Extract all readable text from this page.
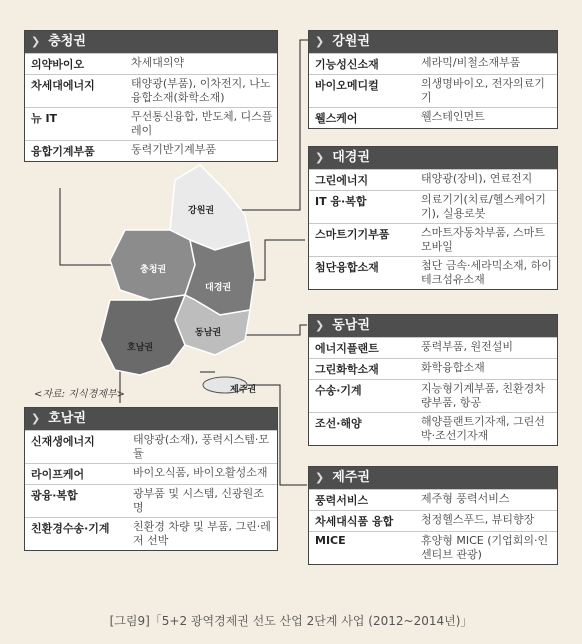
강원권
충청권
대경권
동남권
호남권
제주권
<자료: 지식경제부>
❯ 충청권
의약바이오	차세대의약
차세대에너지	태양광(부품), 이차전지, 나노융합소재(화학소재)
뉴 IT	무선통신융합, 반도체, 디스플레이
융합기계부품	동력기반기계부품
❯ 강원권
기능성신소재	세라믹/비철소재부품
바이오메디컬	의생명바이오, 전자의료기기
웰스케어	웰스테인먼트
❯ 대경권
그린에너지	태양광(장비), 연료전지
IT 융·복합	의료기기(치료/헬스케어기기), 실용로봇
스마트기기부품	스마트자동차부품, 스마트모바일
첨단융합소재	첨단 금속·세라믹소재, 하이테크섬유소재
❯ 동남권
에너지플랜트	풍력부품, 원전설비
그린화학소재	화학융합소재
수송·기계	지능형기계부품, 친환경차량부품, 항공
조선·해양	해양플랜트기자재, 그린선박·조선기자재
❯ 호남권
신재생에너지	태양광(소재), 풍력시스템·모듈
라이프케어	바이오식품, 바이오활성소재
광융·복합	광부품 및 시스템, 신광원조명
친환경수송·기계	친환경 차량 및 부품, 그린·레저 선박
❯ 제주권
풍력서비스	제주형 풍력서비스
차세대식품 융합	청정헬스푸드, 뷰티향장
MICE	휴양형 MICE (기업회의·인센티브 관광)
[그림9]「5+2 광역경제권 선도 산업 2단계 사업 (2012~2014년)」
